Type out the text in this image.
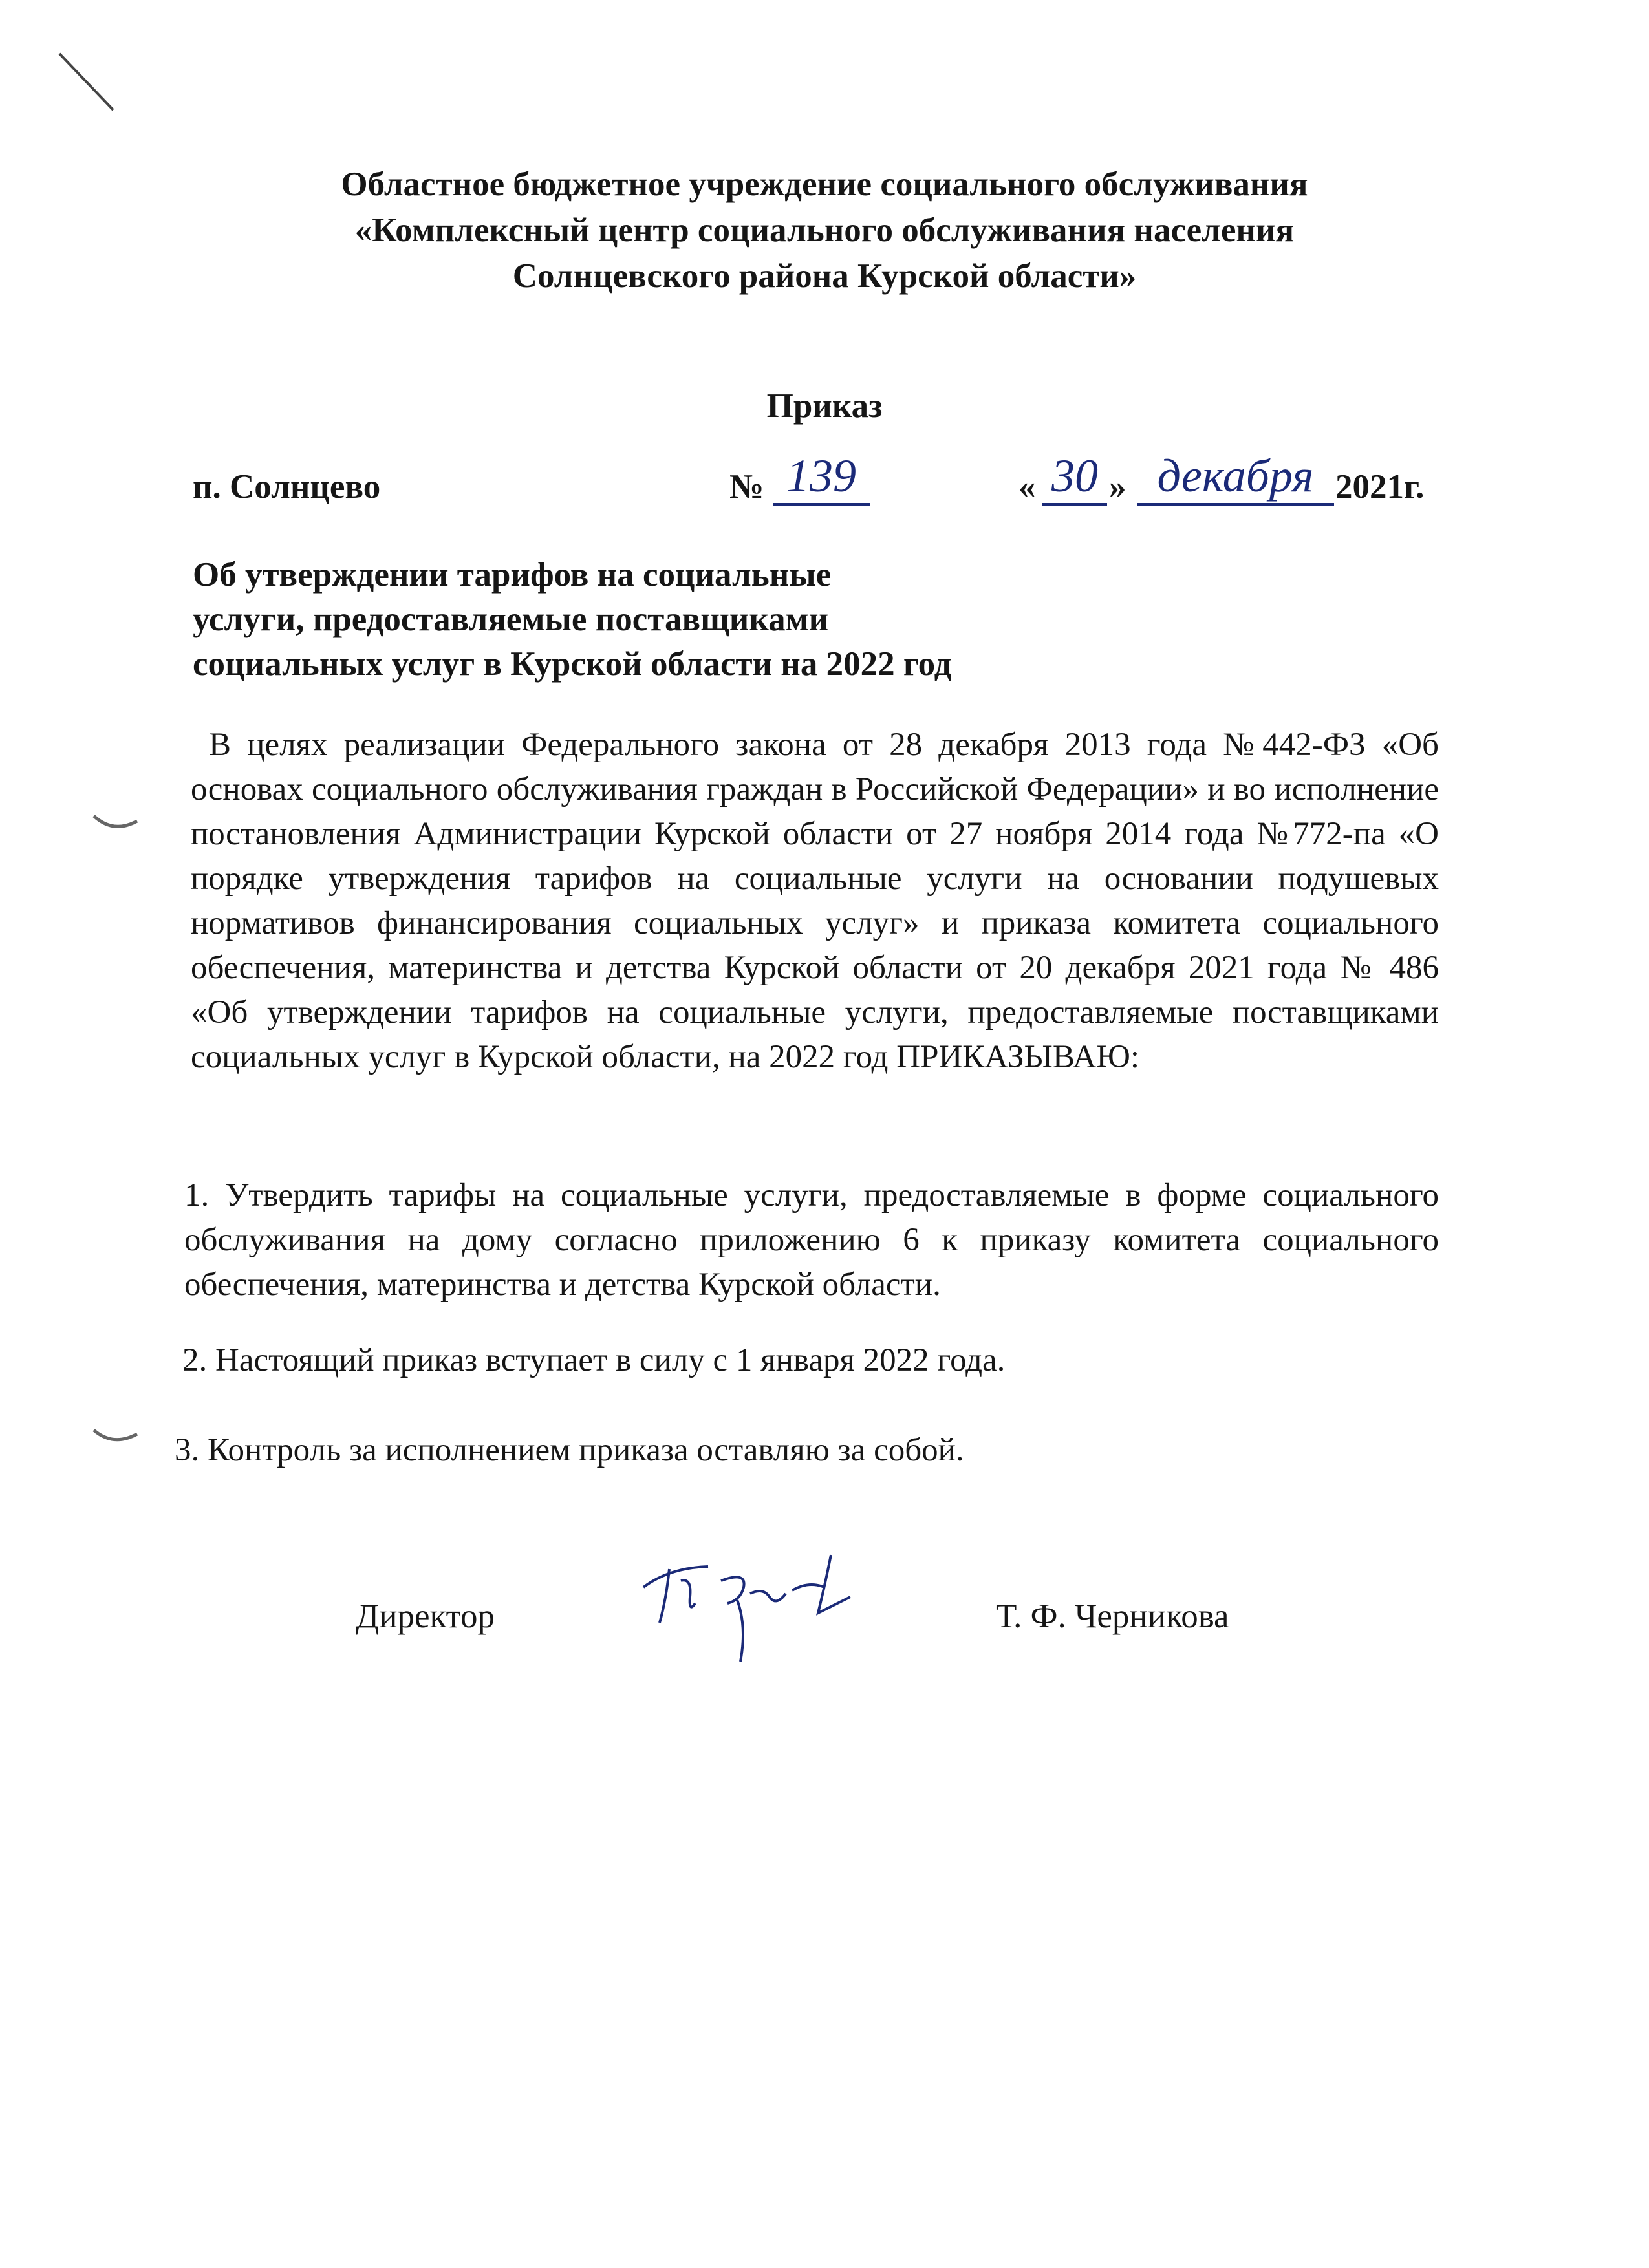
Областное бюджетное учреждение социального обслуживания
«Комплексный центр социального обслуживания населения
Солнцевского района Курской области»
Приказ
п. Солнцево	№ 139	« 30 » декабря 2021г.
Об утверждении тарифов на социальные
услуги, предоставляемые поставщиками
социальных услуг в Курской области на 2022 год
В целях реализации Федерального закона от 28 декабря 2013 года №442-ФЗ «Об основах социального обслуживания граждан в Российской Федерации» и во исполнение постановления Администрации Курской области от 27 ноября 2014 года №772-па «О порядке утверждения тарифов на социальные услуги на основании подушевых нормативов финансирования социальных услуг» и приказа комитета социального обеспечения, материнства и детства Курской области от 20 декабря 2021 года № 486 «Об утверждении тарифов на социальные услуги, предоставляемые поставщиками социальных услуг в Курской области, на 2022 год ПРИКАЗЫВАЮ:
1. Утвердить тарифы на социальные услуги, предоставляемые в форме социального обслуживания на дому согласно приложению 6 к приказу комитета социального обеспечения, материнства и детства Курской области.
2. Настоящий приказ вступает в силу с 1 января 2022 года.
3. Контроль за исполнением приказа оставляю за собой.
Директор	Т. Ф. Черникова
